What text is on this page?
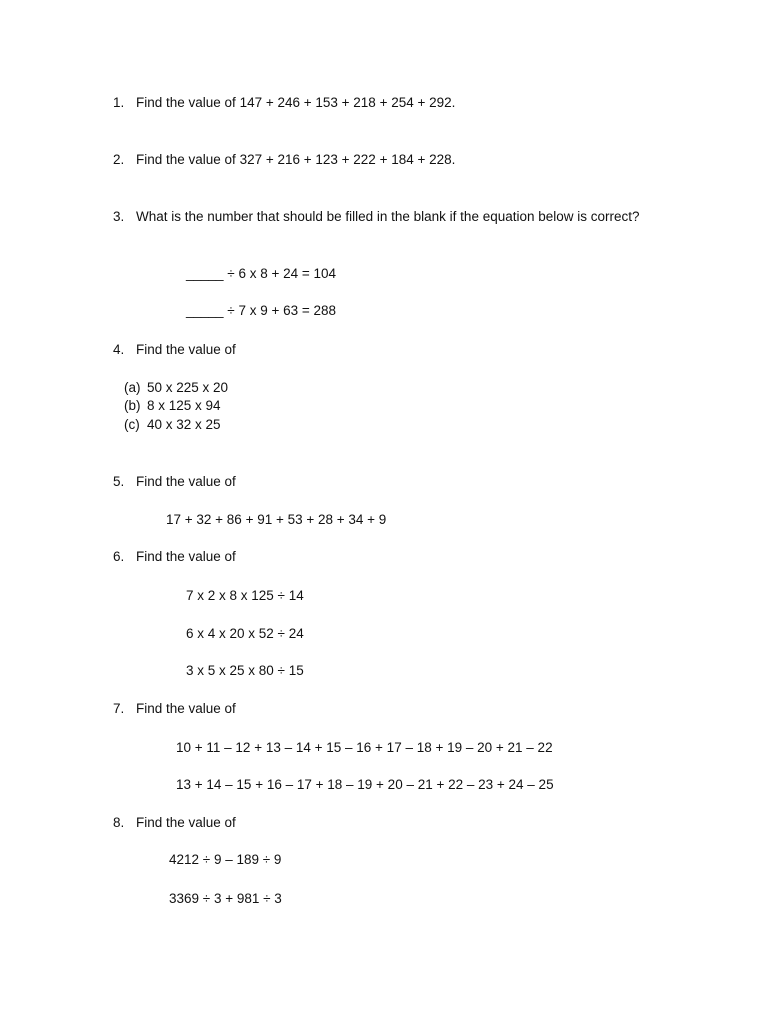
1. Find the value of 147 + 246 + 153 + 218 + 254 + 292.
2. Find the value of 327 + 216 + 123 + 222 + 184 + 228.
3. What is the number that should be filled in the blank if the equation below is correct?
_____ ÷ 6 x 8 + 24 = 104
_____ ÷ 7 x 9 + 63 = 288
4. Find the value of
(a) 50 x 225 x 20
(b) 8 x 125 x 94
(c) 40 x 32 x 25
5. Find the value of
17 + 32 + 86 + 91 + 53 + 28 + 34 + 9
6. Find the value of
7 x 2 x 8 x 125 ÷ 14
6 x 4 x 20 x 52 ÷ 24
3 x 5 x 25 x 80 ÷ 15
7. Find the value of
10 + 11 – 12 + 13 – 14 + 15 – 16 + 17 – 18 + 19 – 20 + 21 – 22
13 + 14 – 15 + 16 – 17 + 18 – 19 + 20 – 21 + 22 – 23 + 24 – 25
8. Find the value of
4212 ÷ 9 – 189 ÷ 9
3369 ÷ 3 + 981 ÷ 3
